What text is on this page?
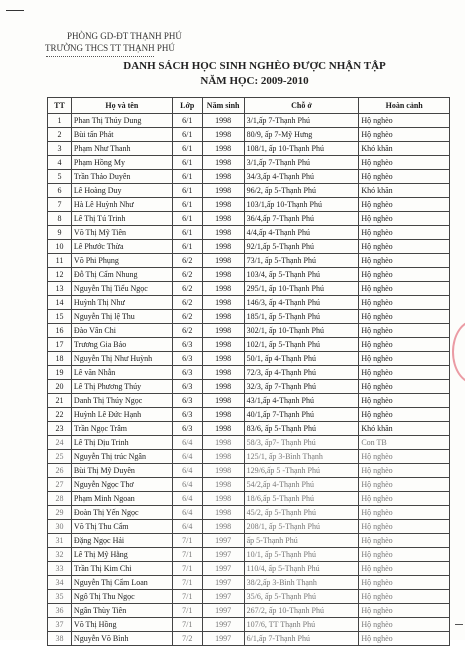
PHÒNG GD-ĐT THẠNH PHÚ
TRƯỜNG THCS TT THẠNH PHÚ
DANH SÁCH HỌC SINH NGHÈO ĐƯỢC NHẬN TẬP
NĂM HỌC: 2009-2010
TT	Họ và tên	Lớp	Năm sinh	Chỗ ở	Hoàn cảnh
1	Phan Thị Thúy Dung	6/1	1998	3/1,ấp 7-Thạnh Phú	Hộ nghèo
2	Bùi tấn Phát	6/1	1998	80/9, ấp 7-Mỹ Hưng	Hộ nghèo
3	Phạm Như Thanh	6/1	1998	108/1, ấp 10-Thạnh Phú	Khó khăn
4	Phạm Hồng My	6/1	1998	3/1,ấp 7-Thạnh Phú	Hộ nghèo
5	Trần Thảo Duyên	6/1	1998	34/3,ấp 4-Thạnh Phú	Hộ nghèo
6	Lê Hoàng Duy	6/1	1998	96/2, ấp 5-Thạnh Phú	Khó khăn
7	Hà Lê Huỳnh Như	6/1	1998	103/1,ấp 10-Thạnh Phú	Hộ nghèo
8	Lê Thị Tú Trinh	6/1	1998	36/4,ấp 7-Thạnh Phú	Hộ nghèo
9	Võ Thị Mỹ Tiên	6/1	1998	4/4,ấp 4-Thạnh Phú	Hộ nghèo
10	Lê Phước Thừa	6/1	1998	92/1,ấp 5-Thạnh Phú	Hộ nghèo
11	Võ Phi Phụng	6/2	1998	73/1, ấp 5-Thạnh Phú	Hộ nghèo
12	Đỗ Thị Cẩm Nhung	6/2	1998	103/4, ấp 5-Thạnh Phú	Hộ nghèo
13	Nguyễn Thị Tiểu Ngọc	6/2	1998	295/1, ấp 10-Thạnh Phú	Hộ nghèo
14	Huỳnh Thị Như	6/2	1998	146/3, ấp 4-Thạnh Phú	Hộ nghèo
15	Nguyễn Thị lệ Thu	6/2	1998	185/1, ấp 5-Thạnh Phú	Hộ nghèo
16	Đào Vân Chi	6/2	1998	302/1, ấp 10-Thạnh Phú	Hộ nghèo
17	Trương Gia Bảo	6/3	1998	102/1, ấp 5-Thạnh Phú	Hộ nghèo
18	Nguyễn Thị Như Huỳnh	6/3	1998	50/1, ấp 4-Thạnh Phú	Hộ nghèo
19	Lê văn Nhẫn	6/3	1998	72/3, ấp 4-Thạnh Phú	Hộ nghèo
20	Lê Thị Phương Thúy	6/3	1998	32/3, ấp 7-Thạnh Phú	Hộ nghèo
21	Danh Thị Thúy Ngọc	6/3	1998	43/1,ấp 4-Thạnh Phú	Hộ nghèo
22	Huỳnh Lê Đức Hạnh	6/3	1998	40/1,ấp 7-Thạnh Phú	Hộ nghèo
23	Trần Ngọc Trâm	6/3	1998	83/6, ấp 5-Thạnh Phú	Khó khăn
24	Lê Thị Dịu Trinh	6/4	1998	58/3, ấp7- Thạnh Phú	Con TB
25	Nguyễn Thị trúc Ngân	6/4	1998	125/1, ấp 3-Bình Thạnh	Hộ nghèo
26	Bùi Thị Mỹ Duyên	6/4	1998	129/6,ấp 5 -Thạnh Phú	Hộ nghèo
27	Nguyễn Ngọc Thơ	6/4	1998	54/2,ấp 4-Thạnh Phú	Hộ nghèo
28	Phạm Minh Ngoan	6/4	1998	18/6,ấp 5-Thạnh Phú	Hộ nghèo
29	Đoàn Thị Yến Ngọc	6/4	1998	45/2, ấp 5-Thạnh Phú	Hộ nghèo
30	Võ Thị Thu Cẩm	6/4	1998	208/1, ấp 5-Thạnh Phú	Hộ nghèo
31	Đặng Ngọc Hải	7/1	1997	ấp 5-Thạnh Phú	Hộ nghèo
32	Lê Thị Mỹ Hằng	7/1	1997	10/1, ấp 5-Thạnh Phú	Hộ nghèo
33	Trần Thị Kim Chi	7/1	1997	110/4, ấp 5-Thạnh Phú	Hộ nghèo
34	Nguyễn Thị Cẩm Loan	7/1	1997	38/2,ấp 3-Bình Thạnh	Hộ nghèo
35	Ngô Thị Thu Ngọc	7/1	1997	35/6, ấp 5-Thạnh Phú	Hộ nghèo
36	Ngân Thùy Tiên	7/1	1997	267/2, ấp 10-Thạnh Phú	Hộ nghèo
37	Võ Thị Hồng	7/1	1997	107/6, TT Thạnh Phú	Hộ nghèo
38	Nguyễn Võ Bình	7/2	1997	6/1,ấp 7-Thạnh Phú	Hộ nghèo
